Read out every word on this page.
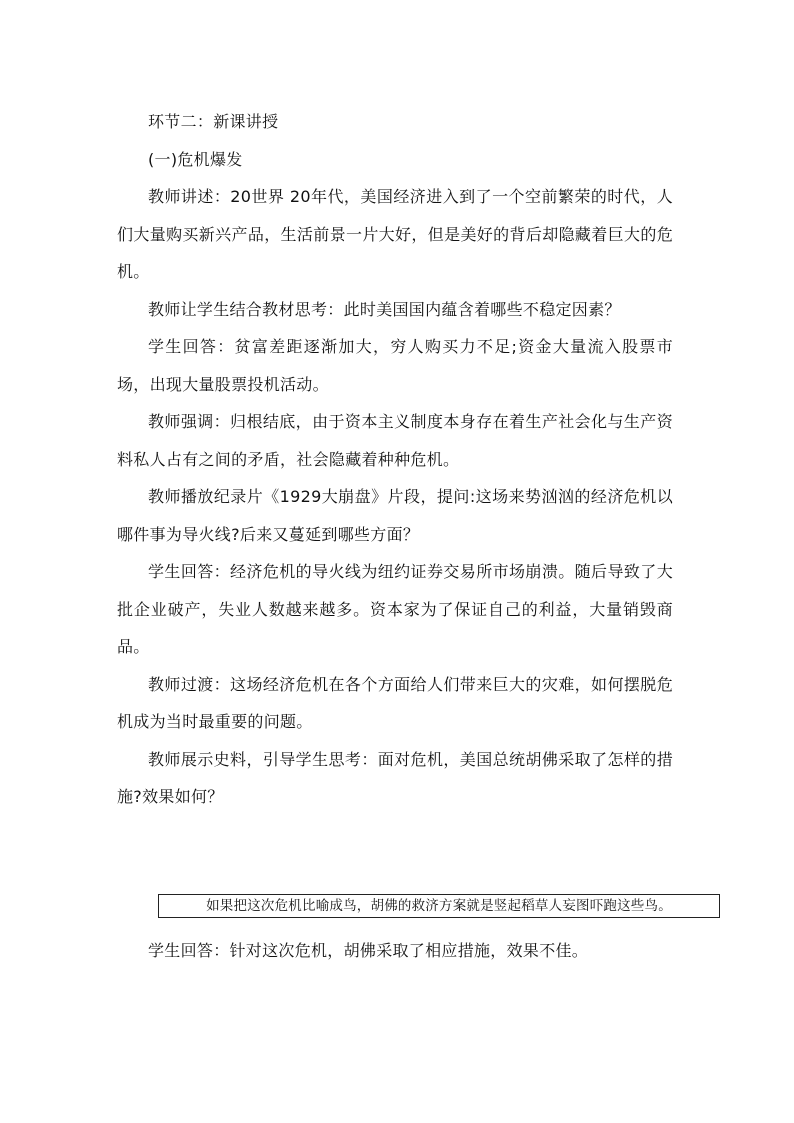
环节二：新课讲授

(一)危机爆发

教师讲述：20世界 20年代，美国经济进入到了一个空前繁荣的时代，人们大量购买新兴产品，生活前景一片大好，但是美好的背后却隐藏着巨大的危机。

教师让学生结合教材思考：此时美国国内蕴含着哪些不稳定因素？

学生回答：贫富差距逐渐加大，穷人购买力不足;资金大量流入股票市场，出现大量股票投机活动。

教师强调：归根结底，由于资本主义制度本身存在着生产社会化与生产资料私人占有之间的矛盾，社会隐藏着种种危机。

教师播放纪录片《1929大崩盘》片段，提问:这场来势汹汹的经济危机以哪件事为导火线?后来又蔓延到哪些方面？

学生回答：经济危机的导火线为纽约证券交易所市场崩溃。随后导致了大批企业破产，失业人数越来越多。资本家为了保证自己的利益，大量销毁商品。

教师过渡：这场经济危机在各个方面给人们带来巨大的灾难，如何摆脱危机成为当时最重要的问题。

教师展示史料，引导学生思考：面对危机，美国总统胡佛采取了怎样的措施?效果如何？

如果把这次危机比喻成鸟，胡佛的救济方案就是竖起稻草人妄图吓跑这些鸟。

学生回答：针对这次危机，胡佛采取了相应措施，效果不佳。
